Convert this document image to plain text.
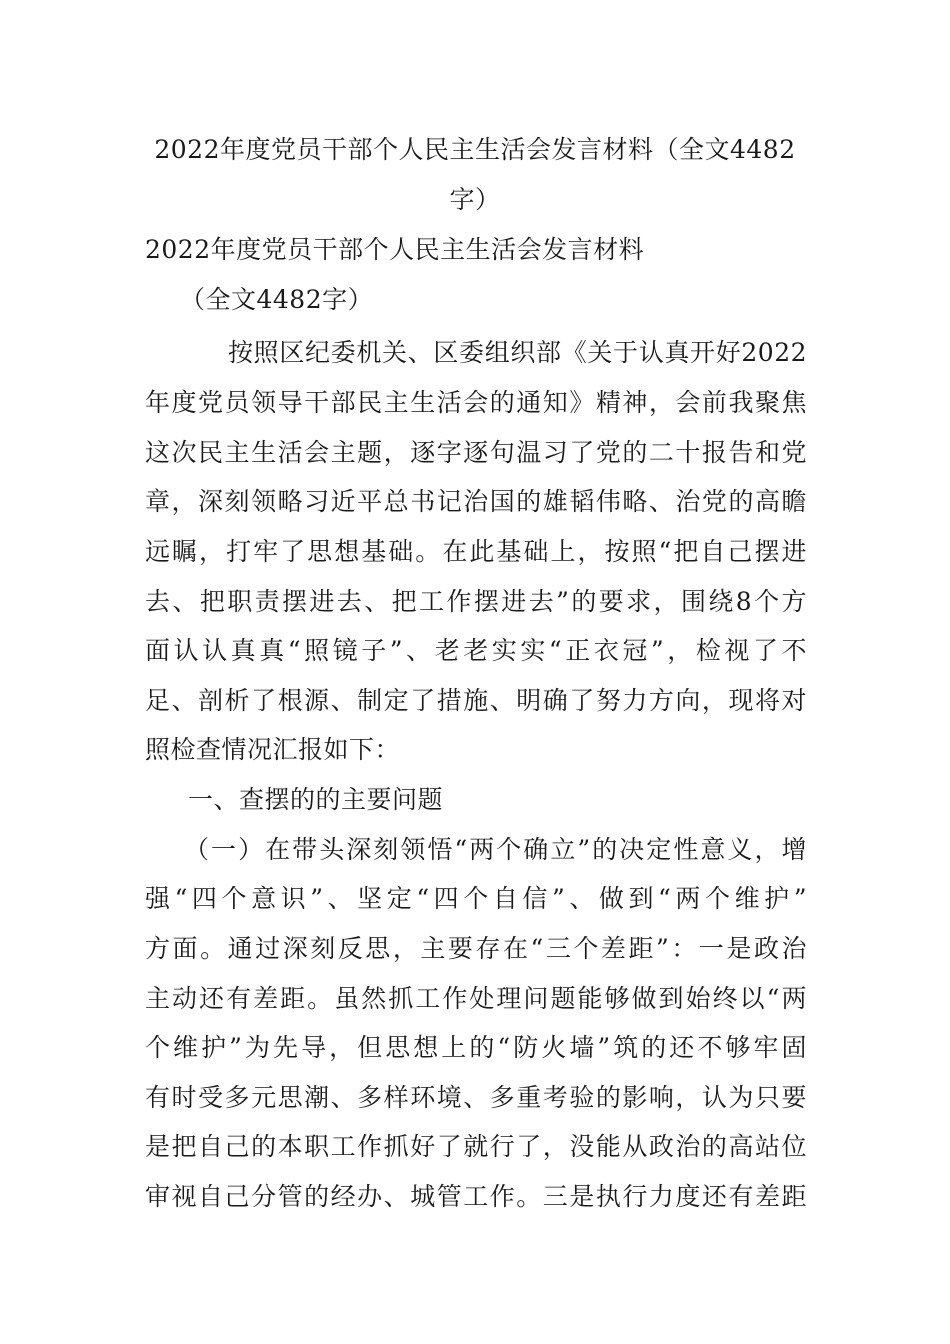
2022年度党员干部个人民主生活会发言材料（全文4482
字）
2022年度党员干部个人民主生活会发言材料
（全文4482字）
按照区纪委机关、区委组织部《关于认真开好2022
年度党员领导干部民主生活会的通知》精神，会前我聚焦
这次民主生活会主题，逐字逐句温习了党的二十报告和党
章，深刻领略习近平总书记治国的雄韬伟略、治党的高瞻
远瞩，打牢了思想基础。在此基础上，按照“把自己摆进
去、把职责摆进去、把工作摆进去”的要求，围绕8个方
面认认真真“照镜子”、老老实实“正衣冠”，检视了不
足、剖析了根源、制定了措施、明确了努力方向，现将对
照检查情况汇报如下：
一、查摆的的主要问题
（一）在带头深刻领悟“两个确立”的决定性意义，增
强“四个意识”、坚定“四个自信”、做到“两个维护”
方面。通过深刻反思，主要存在“三个差距”：一是政治
主动还有差距。虽然抓工作处理问题能够做到始终以“两
个维护”为先导，但思想上的“防火墙”筑的还不够牢固
有时受多元思潮、多样环境、多重考验的影响，认为只要
是把自己的本职工作抓好了就行了，没能从政治的高站位
审视自己分管的经办、城管工作。三是执行力度还有差距
